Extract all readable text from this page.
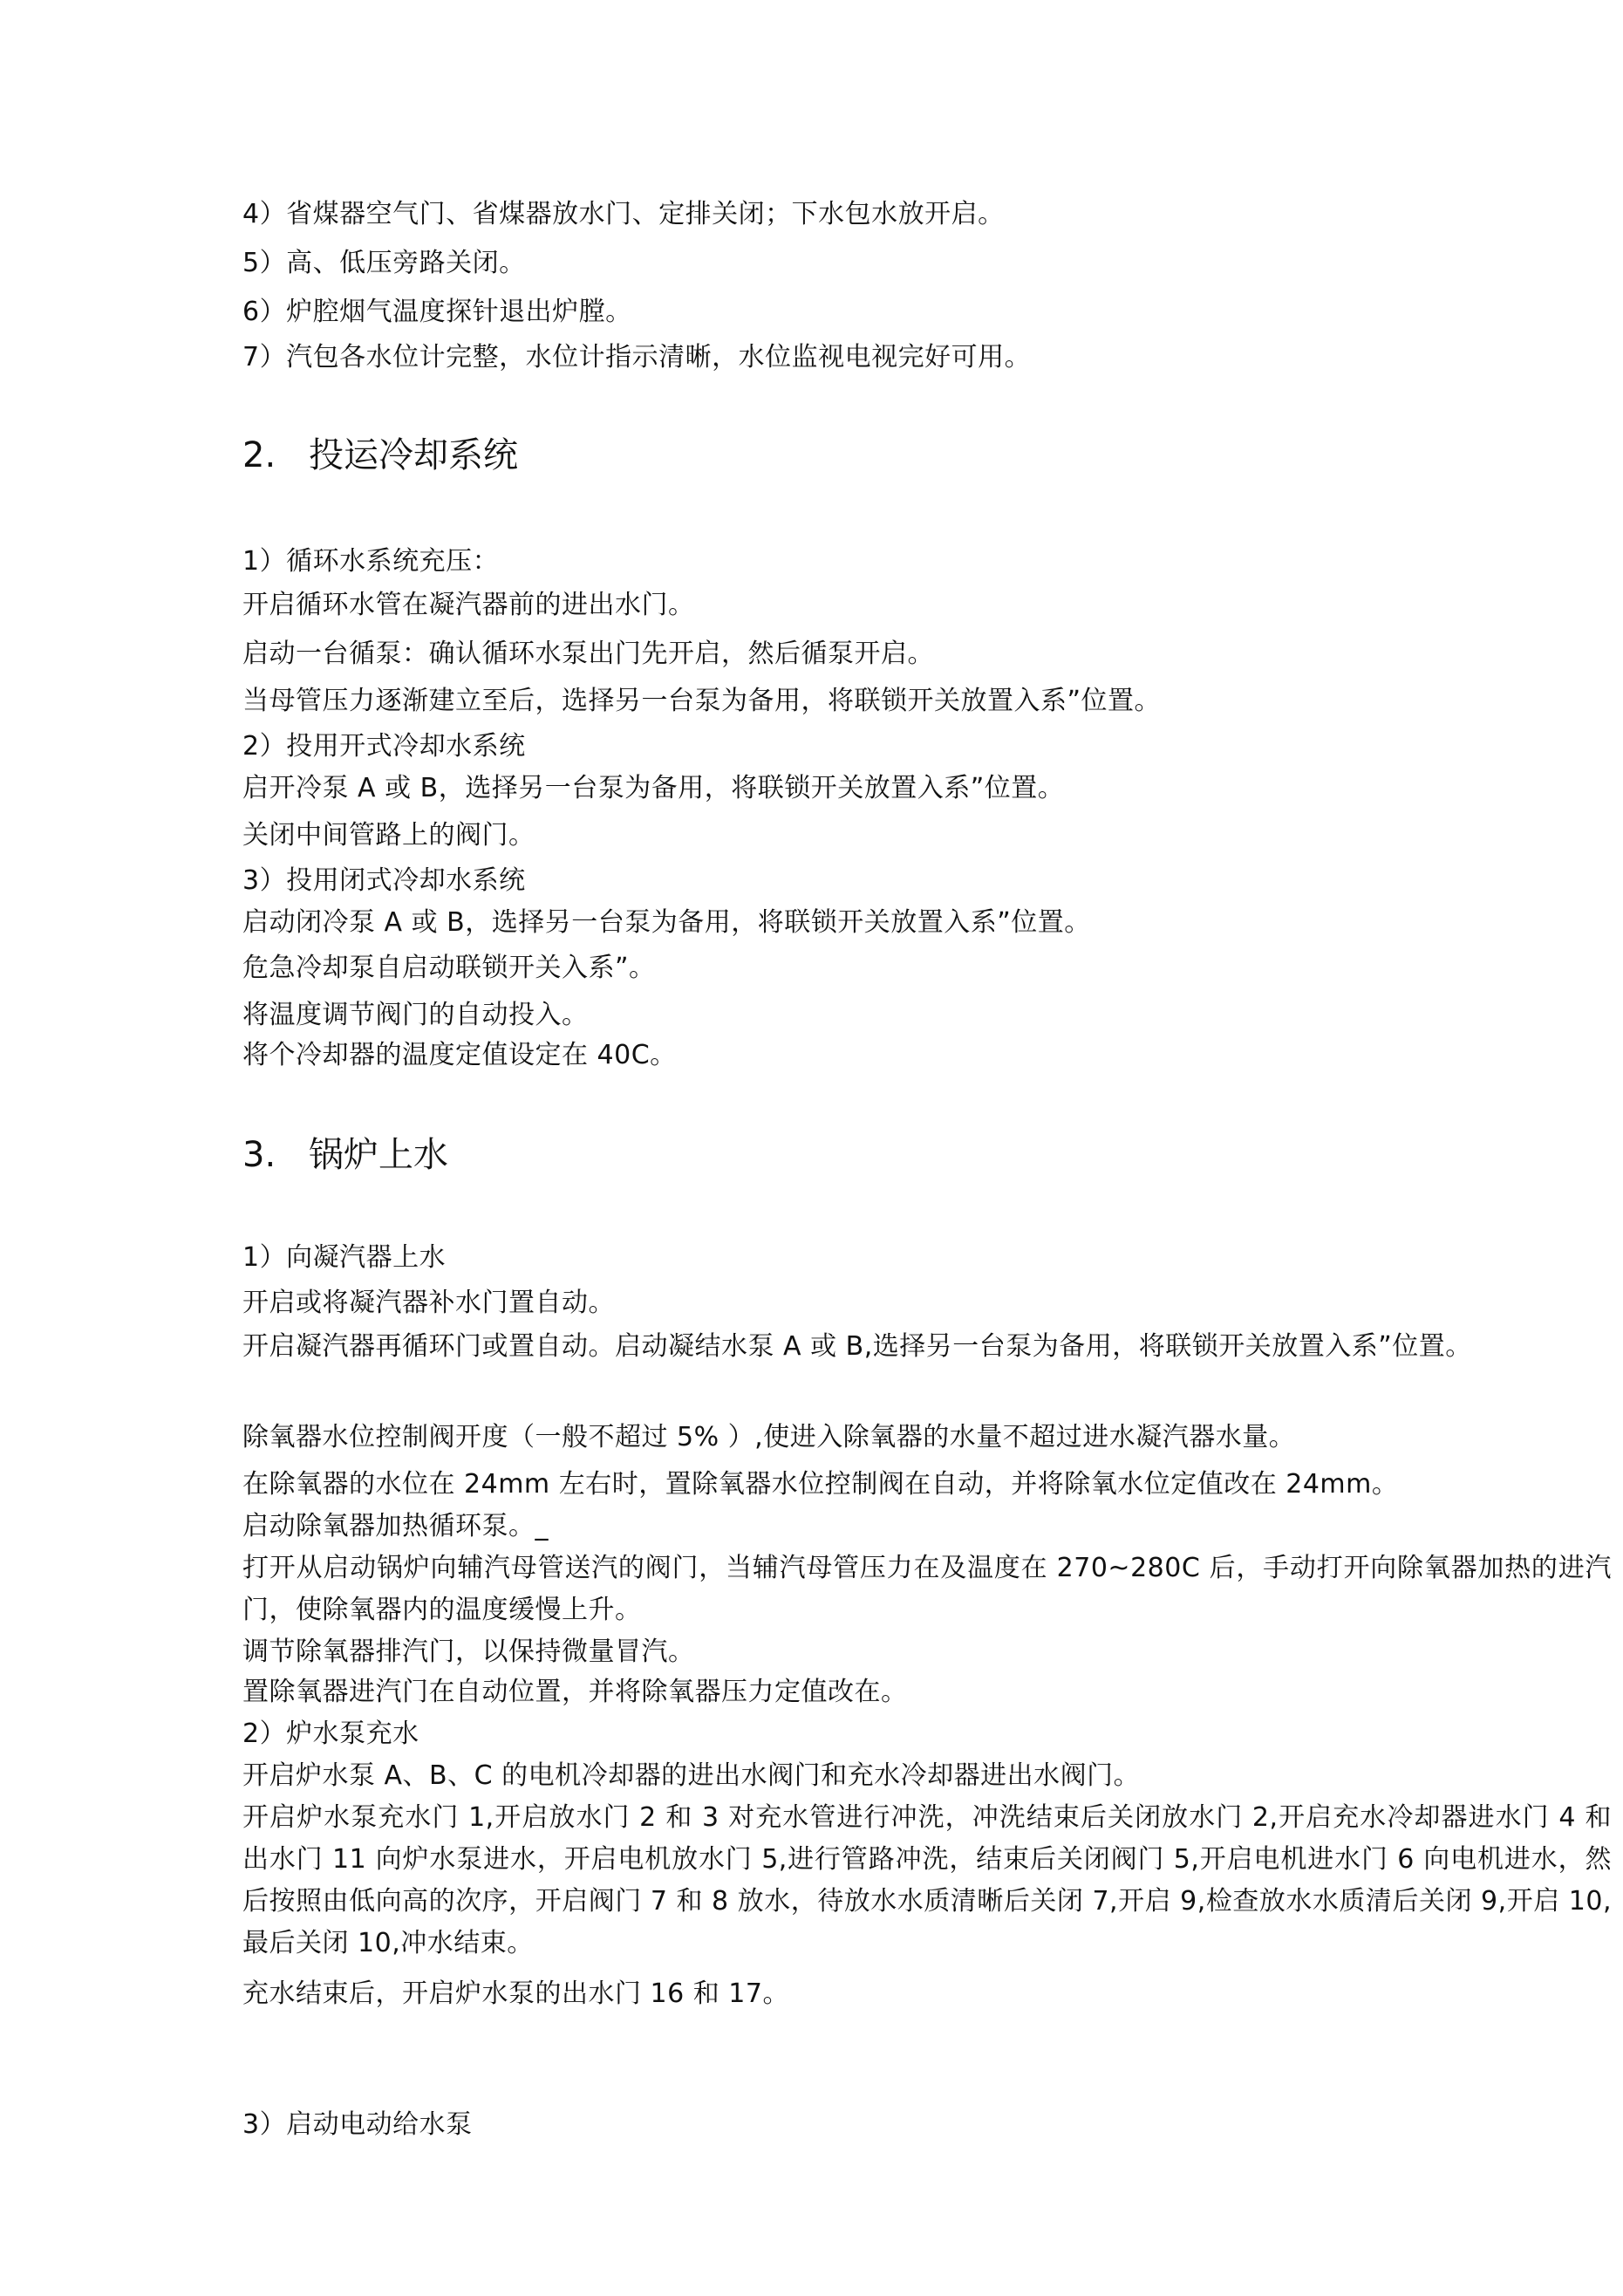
4）省煤器空气门、省煤器放水门、定排关闭；下水包水放开启。
5）高、低压旁路关闭。
6）炉腔烟气温度探针退出炉膛。
7）汽包各水位计完整，水位计指示清晰，水位监视电视完好可用。
2. 投运冷却系统
1）循环水系统充压：
开启循环水管在凝汽器前的进出水门。
启动一台循泵：确认循环水泵出门先开启，然后循泵开启。
当母管压力逐渐建立至后，选择另一台泵为备用，将联锁开关放置入系”位置。
2）投用开式冷却水系统
启开冷泵 A 或 B，选择另一台泵为备用，将联锁开关放置入系”位置。
关闭中间管路上的阀门。
3）投用闭式冷却水系统
启动闭冷泵 A 或 B，选择另一台泵为备用，将联锁开关放置入系”位置。
危急冷却泵自启动联锁开关入系”。
将温度调节阀门的自动投入。
将个冷却器的温度定值设定在 40C。
3. 锅炉上水
1）向凝汽器上水
开启或将凝汽器补水门置自动。
开启凝汽器再循环门或置自动。启动凝结水泵 A 或 B,选择另一台泵为备用，将联锁开关放置入系”位置。
除氧器水位控制阀开度（一般不超过 5% ）,使进入除氧器的水量不超过进水凝汽器水量。
在除氧器的水位在 24mm 左右时，置除氧器水位控制阀在自动，并将除氧水位定值改在 24mm。
启动除氧器加热循环泵。_
打开从启动锅炉向辅汽母管送汽的阀门，当辅汽母管压力在及温度在 270~280C 后，手动打开向除氧器加热的进汽门，使除氧器内的温度缓慢上升。
调节除氧器排汽门，以保持微量冒汽。
置除氧器进汽门在自动位置，并将除氧器压力定值改在。
2）炉水泵充水
开启炉水泵 A、B、C 的电机冷却器的进出水阀门和充水冷却器进出水阀门。
开启炉水泵充水门 1,开启放水门 2 和 3 对充水管进行冲洗，冲洗结束后关闭放水门 2,开启充水冷却器进水门 4 和出水门 11 向炉水泵进水，开启电机放水门 5,进行管路冲洗，结束后关闭阀门 5,开启电机进水门 6 向电机进水，然后按照由低向高的次序，开启阀门 7 和 8 放水，待放水水质清晰后关闭 7,开启 9,检查放水水质清后关闭 9,开启 10,最后关闭 10,冲水结束。
充水结束后，开启炉水泵的出水门 16 和 17。
3）启动电动给水泵
